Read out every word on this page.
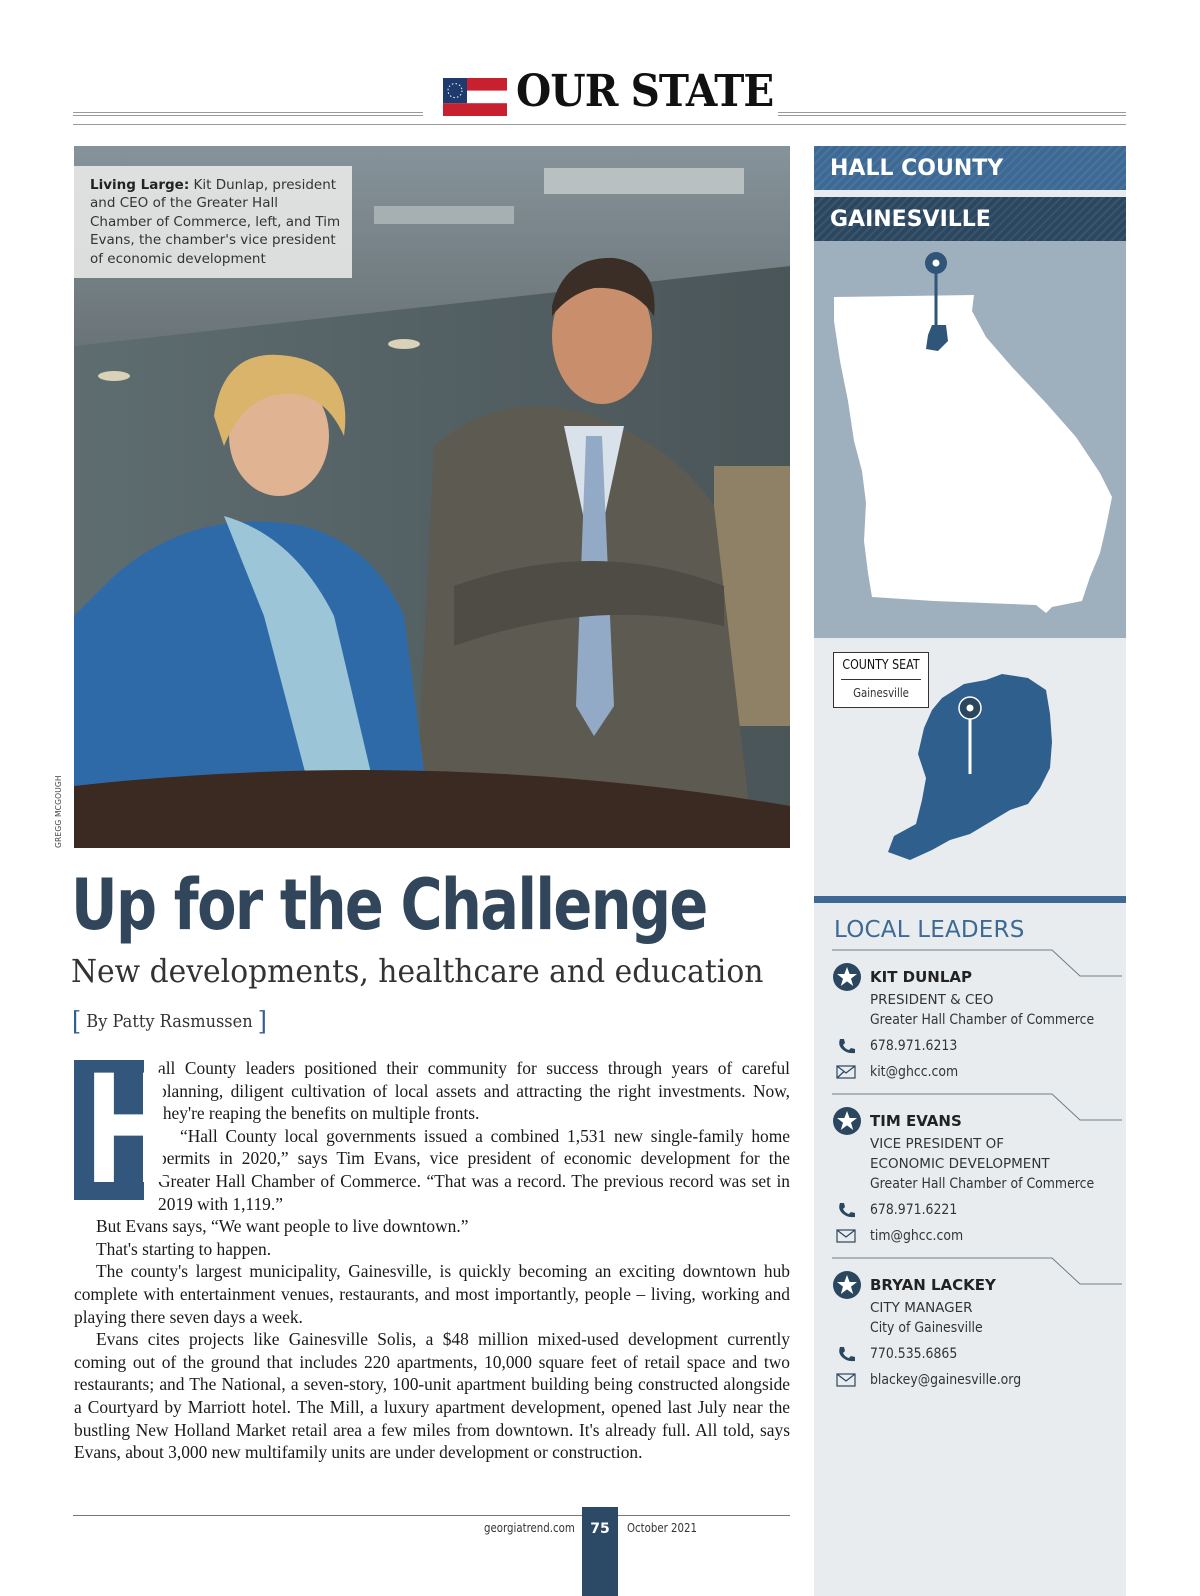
OUR STATE
Living Large: Kit Dunlap, president and CEO of the Greater Hall Chamber of Commerce, left, and Tim Evans, the chamber's vice president of economic development
GREGG MCGOUGH
Up for the Challenge
New developments, healthcare and education
[ By Patty Rasmussen ]
H

all County leaders positioned their community for success through years of careful planning, diligent cultivation of local assets and attracting the right investments. Now, they're reaping the benefits on multiple fronts.

“Hall County local governments issued a combined 1,531 new single-family home permits in 2020,” says Tim Evans, vice president of economic development for the Greater Hall Chamber of Commerce. “That was a record. The previous record was set in 2019 with 1,119.”

But Evans says, “We want people to live downtown.”

That's starting to happen.

The county's largest municipality, Gainesville, is quickly becoming an exciting downtown hub complete with entertainment venues, restaurants, and most importantly, people – living, working and playing there seven days a week.

Evans cites projects like Gainesville Solis, a $48 million mixed-used development currently coming out of the ground that includes 220 apartments, 10,000 square feet of retail space and two restaurants; and The National, a seven-story, 100-unit apartment building being constructed alongside a Courtyard by Marriott hotel. The Mill, a luxury apartment development, opened last July near the bustling New Holland Market retail area a few miles from downtown. It's already full. All told, says Evans, about 3,000 new multifamily units are under development or construction.

georgiatrend.com	75	October 2021
HALL COUNTY
GAINESVILLE
COUNTY SEAT
Gainesville
LOCAL LEADERS
KIT DUNLAP
PRESIDENT & CEO
Greater Hall Chamber of Commerce
678.971.6213
kit@ghcc.com
TIM EVANS
VICE PRESIDENT OF
ECONOMIC DEVELOPMENT
Greater Hall Chamber of Commerce
678.971.6221
tim@ghcc.com
BRYAN LACKEY
CITY MANAGER
City of Gainesville
770.535.6865
blackey@gainesville.org
